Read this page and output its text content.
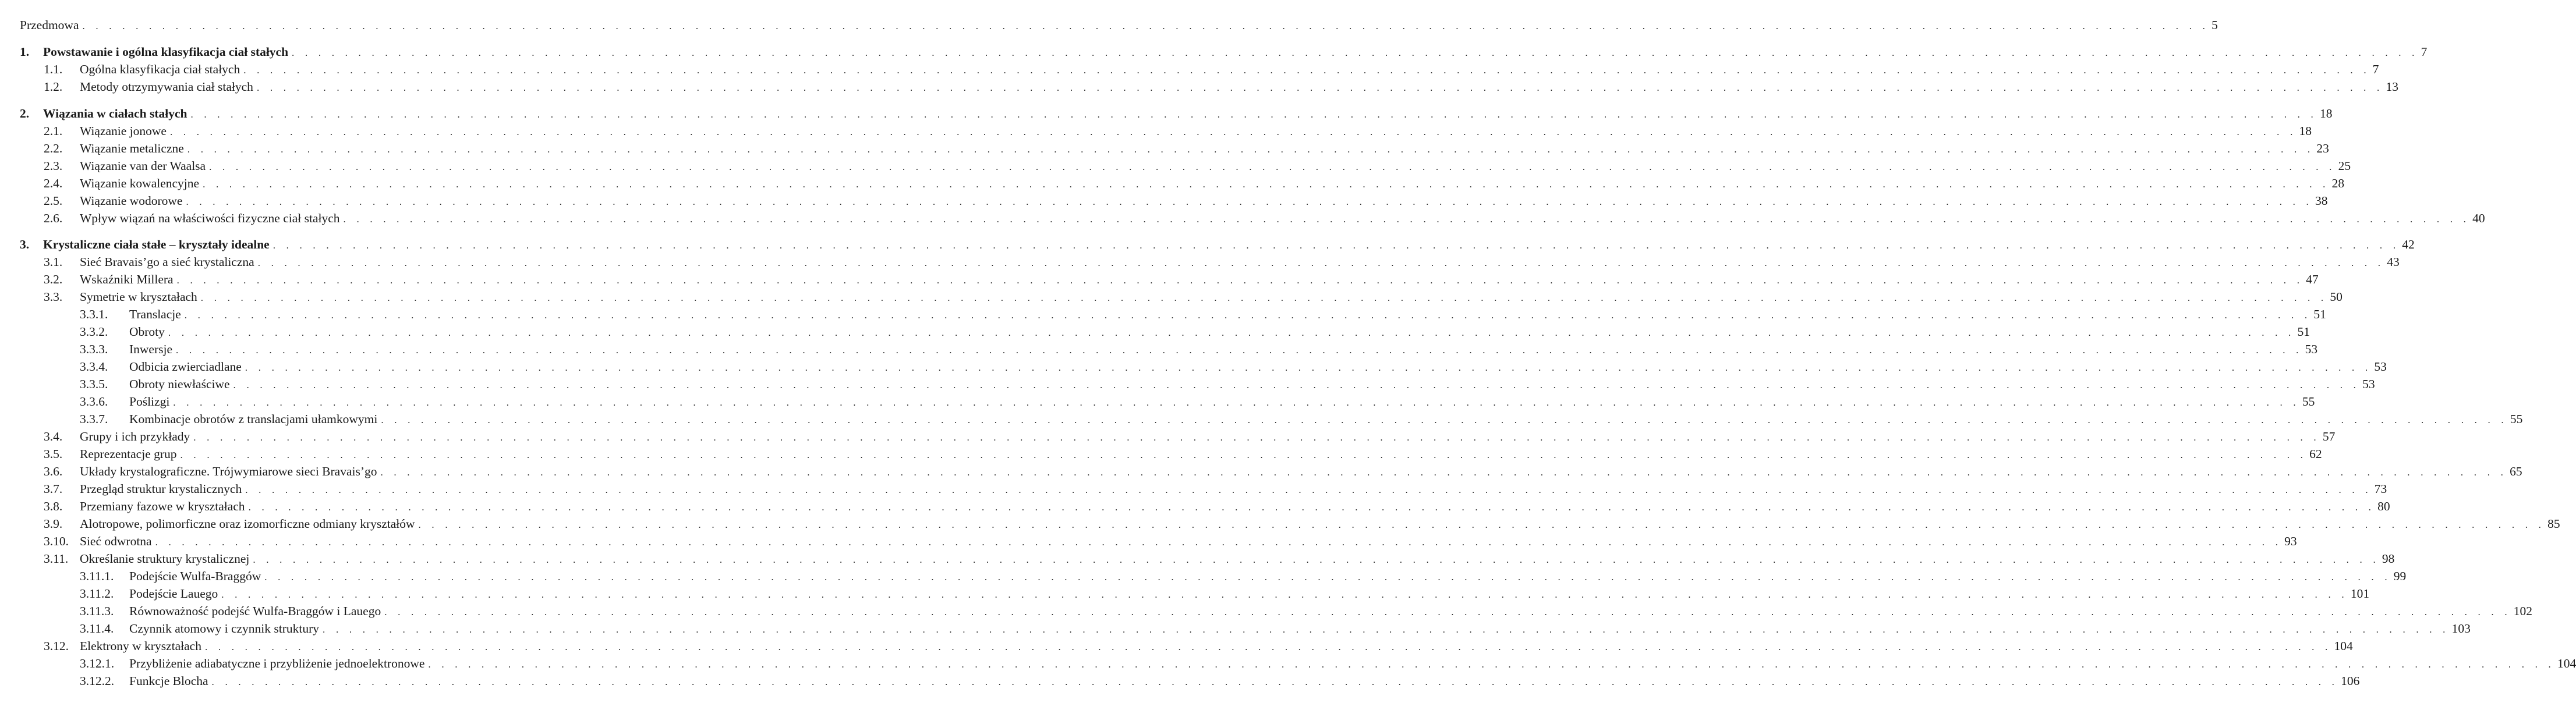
Przedmowa . . . . . . . . . . . . . . . . . . . . . . . . . . . . . . . . . . . . . . . . . . . . . . . . . . . . . . . . . . . . . . . . . . . . . . . . . . . . . . . . . . . . . . . . . . . . . . . . . . . . . . . . . . . . . . . . . . . . . . . . . . . . . . . . . . . . . . . . . . . . . . . . . . . . . . . . . . . . . . . . 5
1.	Powstawanie i ogólna klasyfikacja ciał stałych . . . . . . . . . . . . . . . . . . . . . . . . . . . . . . . . . . . . . . . . . . . . . . . . . . . . . . . . . . . . . . . . . . . . . . . . . . . . . . . . . . . . . . . . . . . . . . . . . . . . . . . . . . . . . . . . . . . . . . . . . . . . . . . . . . . . . . . . . . . . . . . . . . . . . . . . . . . . . . . . 7
1.1.	Ogólna klasyfikacja ciał stałych . . . . . . . . . . . . . . . . . . . . . . . . . . . . . . . . . . . . . . . . . . . . . . . . . . . . . . . . . . . . . . . . . . . . . . . . . . . . . . . . . . . . . . . . . . . . . . . . . . . . . . . . . . . . . . . . . . . . . . . . . . . . . . . . . . . . . . . . . . . . . . . . . . . . . . . . . . . . . . . . 7
1.2.	Metody otrzymywania ciał stałych . . . . . . . . . . . . . . . . . . . . . . . . . . . . . . . . . . . . . . . . . . . . . . . . . . . . . . . . . . . . . . . . . . . . . . . . . . . . . . . . . . . . . . . . . . . . . . . . . . . . . . . . . . . . . . . . . . . . . . . . . . . . . . . . . . . . . . . . . . . . . . . . . . . . . . . . . . . . . . . . 13
2.	Wiązania w ciałach stałych . . . . . . . . . . . . . . . . . . . . . . . . . . . . . . . . . . . . . . . . . . . . . . . . . . . . . . . . . . . . . . . . . . . . . . . . . . . . . . . . . . . . . . . . . . . . . . . . . . . . . . . . . . . . . . . . . . . . . . . . . . . . . . . . . . . . . . . . . . . . . . . . . . . . . . . . . . . . . . . . 18
2.1.	Wiązanie jonowe . . . . . . . . . . . . . . . . . . . . . . . . . . . . . . . . . . . . . . . . . . . . . . . . . . . . . . . . . . . . . . . . . . . . . . . . . . . . . . . . . . . . . . . . . . . . . . . . . . . . . . . . . . . . . . . . . . . . . . . . . . . . . . . . . . . . . . . . . . . . . . . . . . . . . . . . . . . . . . . . 18
2.2.	Wiązanie metaliczne . . . . . . . . . . . . . . . . . . . . . . . . . . . . . . . . . . . . . . . . . . . . . . . . . . . . . . . . . . . . . . . . . . . . . . . . . . . . . . . . . . . . . . . . . . . . . . . . . . . . . . . . . . . . . . . . . . . . . . . . . . . . . . . . . . . . . . . . . . . . . . . . . . . . . . . . . . . . . . . . 23
2.3.	Wiązanie van der Waalsa . . . . . . . . . . . . . . . . . . . . . . . . . . . . . . . . . . . . . . . . . . . . . . . . . . . . . . . . . . . . . . . . . . . . . . . . . . . . . . . . . . . . . . . . . . . . . . . . . . . . . . . . . . . . . . . . . . . . . . . . . . . . . . . . . . . . . . . . . . . . . . . . . . . . . . . . . . . . . . . . 25
2.4.	Wiązanie kowalencyjne . . . . . . . . . . . . . . . . . . . . . . . . . . . . . . . . . . . . . . . . . . . . . . . . . . . . . . . . . . . . . . . . . . . . . . . . . . . . . . . . . . . . . . . . . . . . . . . . . . . . . . . . . . . . . . . . . . . . . . . . . . . . . . . . . . . . . . . . . . . . . . . . . . . . . . . . . . . . . . . . 28
2.5.	Wiązanie wodorowe . . . . . . . . . . . . . . . . . . . . . . . . . . . . . . . . . . . . . . . . . . . . . . . . . . . . . . . . . . . . . . . . . . . . . . . . . . . . . . . . . . . . . . . . . . . . . . . . . . . . . . . . . . . . . . . . . . . . . . . . . . . . . . . . . . . . . . . . . . . . . . . . . . . . . . . . . . . . . . . . 38
2.6.	Wpływ wiązań na właściwości fizyczne ciał stałych . . . . . . . . . . . . . . . . . . . . . . . . . . . . . . . . . . . . . . . . . . . . . . . . . . . . . . . . . . . . . . . . . . . . . . . . . . . . . . . . . . . . . . . . . . . . . . . . . . . . . . . . . . . . . . . . . . . . . . . . . . . . . . . . . . . . . . . . . . . . . . . . . . . . . . . . . . . . . . . . 40
3.	Krystaliczne ciała stałe – kryształy idealne . . . . . . . . . . . . . . . . . . . . . . . . . . . . . . . . . . . . . . . . . . . . . . . . . . . . . . . . . . . . . . . . . . . . . . . . . . . . . . . . . . . . . . . . . . . . . . . . . . . . . . . . . . . . . . . . . . . . . . . . . . . . . . . . . . . . . . . . . . . . . . . . . . . . . . . . . . . . . . . . 42
3.1.	Sieć Bravais’go a sieć krystaliczna . . . . . . . . . . . . . . . . . . . . . . . . . . . . . . . . . . . . . . . . . . . . . . . . . . . . . . . . . . . . . . . . . . . . . . . . . . . . . . . . . . . . . . . . . . . . . . . . . . . . . . . . . . . . . . . . . . . . . . . . . . . . . . . . . . . . . . . . . . . . . . . . . . . . . . . . . . . . . . . . 43
3.2.	Wskaźniki Millera . . . . . . . . . . . . . . . . . . . . . . . . . . . . . . . . . . . . . . . . . . . . . . . . . . . . . . . . . . . . . . . . . . . . . . . . . . . . . . . . . . . . . . . . . . . . . . . . . . . . . . . . . . . . . . . . . . . . . . . . . . . . . . . . . . . . . . . . . . . . . . . . . . . . . . . . . . . . . . . . 47
3.3.	Symetrie w kryształach . . . . . . . . . . . . . . . . . . . . . . . . . . . . . . . . . . . . . . . . . . . . . . . . . . . . . . . . . . . . . . . . . . . . . . . . . . . . . . . . . . . . . . . . . . . . . . . . . . . . . . . . . . . . . . . . . . . . . . . . . . . . . . . . . . . . . . . . . . . . . . . . . . . . . . . . . . . . . . . . 50
3.3.1.	Translacje . . . . . . . . . . . . . . . . . . . . . . . . . . . . . . . . . . . . . . . . . . . . . . . . . . . . . . . . . . . . . . . . . . . . . . . . . . . . . . . . . . . . . . . . . . . . . . . . . . . . . . . . . . . . . . . . . . . . . . . . . . . . . . . . . . . . . . . . . . . . . . . . . . . . . . . . . . . . . . . . 51
3.3.2.	Obroty . . . . . . . . . . . . . . . . . . . . . . . . . . . . . . . . . . . . . . . . . . . . . . . . . . . . . . . . . . . . . . . . . . . . . . . . . . . . . . . . . . . . . . . . . . . . . . . . . . . . . . . . . . . . . . . . . . . . . . . . . . . . . . . . . . . . . . . . . . . . . . . . . . . . . . . . . . . . . . . . 51
3.3.3.	Inwersje . . . . . . . . . . . . . . . . . . . . . . . . . . . . . . . . . . . . . . . . . . . . . . . . . . . . . . . . . . . . . . . . . . . . . . . . . . . . . . . . . . . . . . . . . . . . . . . . . . . . . . . . . . . . . . . . . . . . . . . . . . . . . . . . . . . . . . . . . . . . . . . . . . . . . . . . . . . . . . . . 53
3.3.4.	Odbicia zwierciadlane . . . . . . . . . . . . . . . . . . . . . . . . . . . . . . . . . . . . . . . . . . . . . . . . . . . . . . . . . . . . . . . . . . . . . . . . . . . . . . . . . . . . . . . . . . . . . . . . . . . . . . . . . . . . . . . . . . . . . . . . . . . . . . . . . . . . . . . . . . . . . . . . . . . . . . . . . . . . . . . . 53
3.3.5.	Obroty niewłaściwe . . . . . . . . . . . . . . . . . . . . . . . . . . . . . . . . . . . . . . . . . . . . . . . . . . . . . . . . . . . . . . . . . . . . . . . . . . . . . . . . . . . . . . . . . . . . . . . . . . . . . . . . . . . . . . . . . . . . . . . . . . . . . . . . . . . . . . . . . . . . . . . . . . . . . . . . . . . . . . . . 53
3.3.6.	Poślizgi . . . . . . . . . . . . . . . . . . . . . . . . . . . . . . . . . . . . . . . . . . . . . . . . . . . . . . . . . . . . . . . . . . . . . . . . . . . . . . . . . . . . . . . . . . . . . . . . . . . . . . . . . . . . . . . . . . . . . . . . . . . . . . . . . . . . . . . . . . . . . . . . . . . . . . . . . . . . . . . . 55
3.3.7.	Kombinacje obrotów z translacjami ułamkowymi . . . . . . . . . . . . . . . . . . . . . . . . . . . . . . . . . . . . . . . . . . . . . . . . . . . . . . . . . . . . . . . . . . . . . . . . . . . . . . . . . . . . . . . . . . . . . . . . . . . . . . . . . . . . . . . . . . . . . . . . . . . . . . . . . . . . . . . . . . . . . . . . . . . . . . . . . . . . . . . . 55
3.4.	Grupy i ich przykłady . . . . . . . . . . . . . . . . . . . . . . . . . . . . . . . . . . . . . . . . . . . . . . . . . . . . . . . . . . . . . . . . . . . . . . . . . . . . . . . . . . . . . . . . . . . . . . . . . . . . . . . . . . . . . . . . . . . . . . . . . . . . . . . . . . . . . . . . . . . . . . . . . . . . . . . . . . . . . . . . 57
3.5.	Reprezentacje grup . . . . . . . . . . . . . . . . . . . . . . . . . . . . . . . . . . . . . . . . . . . . . . . . . . . . . . . . . . . . . . . . . . . . . . . . . . . . . . . . . . . . . . . . . . . . . . . . . . . . . . . . . . . . . . . . . . . . . . . . . . . . . . . . . . . . . . . . . . . . . . . . . . . . . . . . . . . . . . . . 62
3.6.	Układy krystalograficzne. Trójwymiarowe sieci Bravais’go . . . . . . . . . . . . . . . . . . . . . . . . . . . . . . . . . . . . . . . . . . . . . . . . . . . . . . . . . . . . . . . . . . . . . . . . . . . . . . . . . . . . . . . . . . . . . . . . . . . . . . . . . . . . . . . . . . . . . . . . . . . . . . . . . . . . . . . . . . . . . . . . . . . . . . . . . . . . . . . . 65
3.7.	Przegląd struktur krystalicznych . . . . . . . . . . . . . . . . . . . . . . . . . . . . . . . . . . . . . . . . . . . . . . . . . . . . . . . . . . . . . . . . . . . . . . . . . . . . . . . . . . . . . . . . . . . . . . . . . . . . . . . . . . . . . . . . . . . . . . . . . . . . . . . . . . . . . . . . . . . . . . . . . . . . . . . . . . . . . . . . 73
3.8.	Przemiany fazowe w kryształach . . . . . . . . . . . . . . . . . . . . . . . . . . . . . . . . . . . . . . . . . . . . . . . . . . . . . . . . . . . . . . . . . . . . . . . . . . . . . . . . . . . . . . . . . . . . . . . . . . . . . . . . . . . . . . . . . . . . . . . . . . . . . . . . . . . . . . . . . . . . . . . . . . . . . . . . . . . . . . . . 80
3.9.	Alotropowe, polimorficzne oraz izomorficzne odmiany kryształów . . . . . . . . . . . . . . . . . . . . . . . . . . . . . . . . . . . . . . . . . . . . . . . . . . . . . . . . . . . . . . . . . . . . . . . . . . . . . . . . . . . . . . . . . . . . . . . . . . . . . . . . . . . . . . . . . . . . . . . . . . . . . . . . . . . . . . . . . . . . . . . . . . . . . . . . . . . . . . . . 85
3.10. Sieć odwrotna . . . . . . . . . . . . . . . . . . . . . . . . . . . . . . . . . . . . . . . . . . . . . . . . . . . . . . . . . . . . . . . . . . . . . . . . . . . . . . . . . . . . . . . . . . . . . . . . . . . . . . . . . . . . . . . . . . . . . . . . . . . . . . . . . . . . . . . . . . . . . . . . . . . . . . . . . . . . . . . . 93
3.11. Określanie struktury krystalicznej . . . . . . . . . . . . . . . . . . . . . . . . . . . . . . . . . . . . . . . . . . . . . . . . . . . . . . . . . . . . . . . . . . . . . . . . . . . . . . . . . . . . . . . . . . . . . . . . . . . . . . . . . . . . . . . . . . . . . . . . . . . . . . . . . . . . . . . . . . . . . . . . . . . . . . . . . . . . . . . . 98
3.11.1.	Podejście Wulfa-Braggów . . . . . . . . . . . . . . . . . . . . . . . . . . . . . . . . . . . . . . . . . . . . . . . . . . . . . . . . . . . . . . . . . . . . . . . . . . . . . . . . . . . . . . . . . . . . . . . . . . . . . . . . . . . . . . . . . . . . . . . . . . . . . . . . . . . . . . . . . . . . . . . . . . . . . . . . . . . . . . . . 99
3.11.2.	Podejście Lauego . . . . . . . . . . . . . . . . . . . . . . . . . . . . . . . . . . . . . . . . . . . . . . . . . . . . . . . . . . . . . . . . . . . . . . . . . . . . . . . . . . . . . . . . . . . . . . . . . . . . . . . . . . . . . . . . . . . . . . . . . . . . . . . . . . . . . . . . . . . . . . . . . . . . . . . . . . . . . . . . 101
3.11.3.	Równoważność podejść Wulfa-Braggów i Lauego . . . . . . . . . . . . . . . . . . . . . . . . . . . . . . . . . . . . . . . . . . . . . . . . . . . . . . . . . . . . . . . . . . . . . . . . . . . . . . . . . . . . . . . . . . . . . . . . . . . . . . . . . . . . . . . . . . . . . . . . . . . . . . . . . . . . . . . . . . . . . . . . . . . . . . . . . . . . . . . . 102
3.11.4.	Czynnik atomowy i czynnik struktury . . . . . . . . . . . . . . . . . . . . . . . . . . . . . . . . . . . . . . . . . . . . . . . . . . . . . . . . . . . . . . . . . . . . . . . . . . . . . . . . . . . . . . . . . . . . . . . . . . . . . . . . . . . . . . . . . . . . . . . . . . . . . . . . . . . . . . . . . . . . . . . . . . . . . . . . . . . . . . . . 103
3.12. Elektrony w kryształach . . . . . . . . . . . . . . . . . . . . . . . . . . . . . . . . . . . . . . . . . . . . . . . . . . . . . . . . . . . . . . . . . . . . . . . . . . . . . . . . . . . . . . . . . . . . . . . . . . . . . . . . . . . . . . . . . . . . . . . . . . . . . . . . . . . . . . . . . . . . . . . . . . . . . . . . . . . . . . . . 104
3.12.1.	Przybliżenie adiabatyczne i przybliżenie jednoelektronowe . . . . . . . . . . . . . . . . . . . . . . . . . . . . . . . . . . . . . . . . . . . . . . . . . . . . . . . . . . . . . . . . . . . . . . . . . . . . . . . . . . . . . . . . . . . . . . . . . . . . . . . . . . . . . . . . . . . . . . . . . . . . . . . . . . . . . . . . . . . . . . . . . . . . . . . . . . . . . . . . 104
3.12.2.	Funkcje Blocha . . . . . . . . . . . . . . . . . . . . . . . . . . . . . . . . . . . . . . . . . . . . . . . . . . . . . . . . . . . . . . . . . . . . . . . . . . . . . . . . . . . . . . . . . . . . . . . . . . . . . . . . . . . . . . . . . . . . . . . . . . . . . . . . . . . . . . . . . . . . . . . . . . . . . . . . . . . . . . . . 106
